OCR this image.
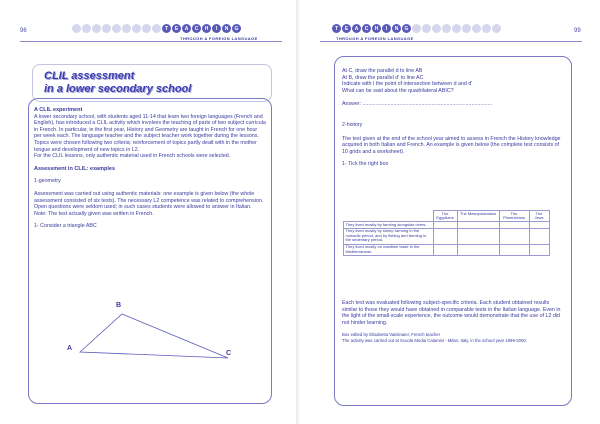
96	T	E	A	C	H	I	N	G
THROUGH A FOREIGN LANGUAGE
CLIL assessment
in a lower secondary school

A CLIL experiment

A lower secondary school, with students aged 11-14 that learn two foreign languages (French and English), has introduced a CLIL activity which involves the teaching of parts of two subject curricula in French. In particular, in the first year, History and Geometry are taught in French for one hour per week each. The language teacher and the subject teacher work together during the lessons.

Topics were chosen following two criteria: reinforcement of topics partly dealt with in the mother tongue and development of new topics in L2.

For the CLIL lessons, only authentic material used in French schools were selected.

Assessment in CLIL: examples

1-geometry

Assessment was carried out using authentic materials: one example is given below (the whole assessment consisted of six tests). The necessary L2 competence was related to comprehension. Open questions were seldom used; in such cases students were allowed to answer in Italian.

Note: The test actually given was written in French.

1- Consider a triangle ABC

A
B
C
T	E	A	C	H	I	N	G
THROUGH A FOREIGN LANGUAGE
99

At C, draw the parallel d to line AB

At B, draw the parallel d' to line AC

Indicate with I the point of intersection between d and d'

What can be said about the quadrilateral ABIC?

Answer: ........................................................................................

2-history

The test given at the end of the school year aimed to assess in French the History knowledge acquired in both Italian and French. An example is given below (the complete test consists of 10 grids and a worksheet).

1- Tick the right box

	The Egyptians	The Mesopotamians	The Phoenicians	The Jews
They lived mostly by farming alongside rivers.				
They lived mostly by sheep farming in the nomadic period, and by fishing and farming in the sedentary period.				
They lived mostly on maritime trade in the Mediterranean.				

Each test was evaluated following subject-specific criteria. Each student obtained results similar to those they would have obtained in comparable tests in the Italian language. Even in the light of the small-scale experience, the outcome would demonstrate that the use of L2 did not hinder learning.

Box edited by Elisabetta Vaistinaier, French teacher

The activity was carried out at Scuola Media Calamini - Milan, Italy, in the school year 1999-2000.
